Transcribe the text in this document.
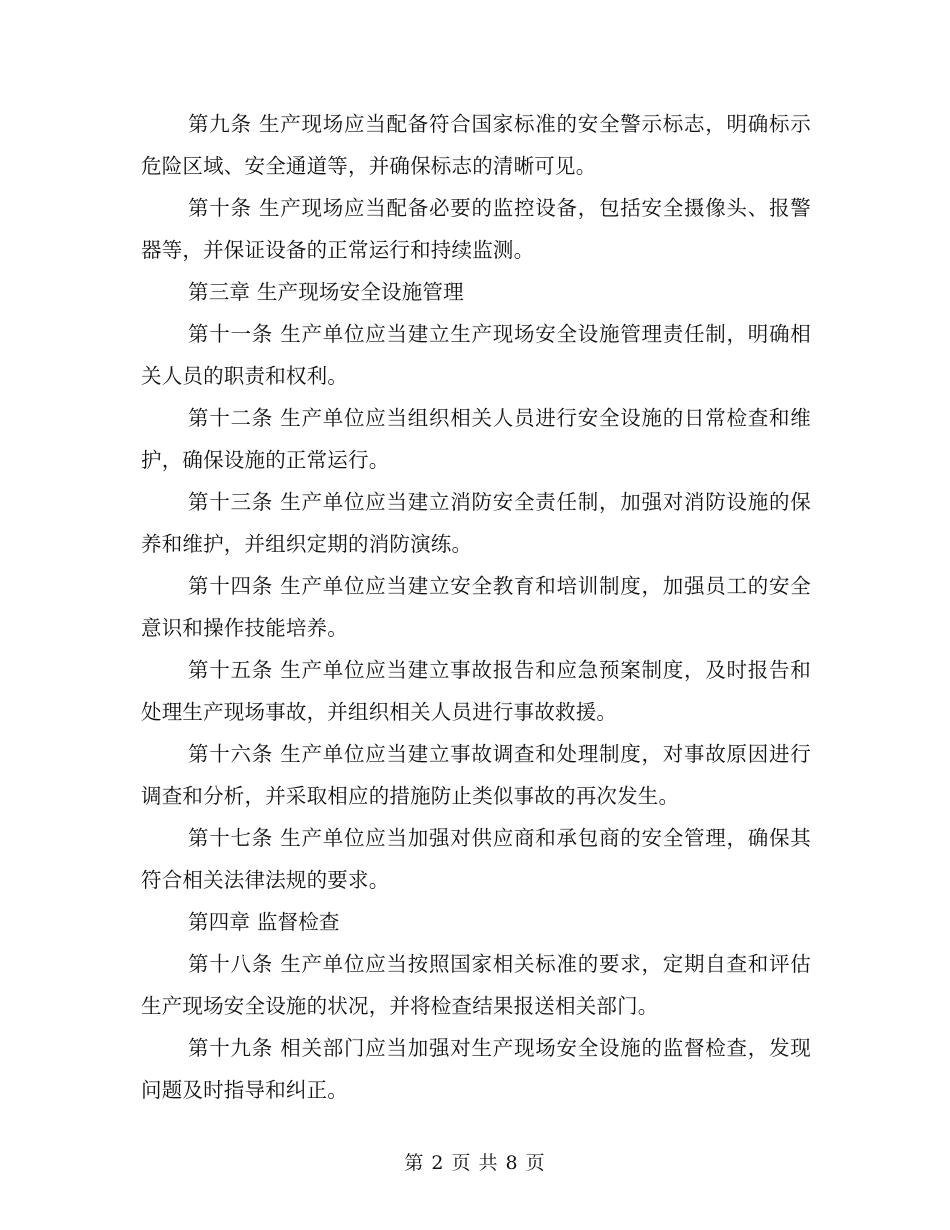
第九条 生产现场应当配备符合国家标准的安全警示标志，明确标示危险区域、安全通道等，并确保标志的清晰可见。

第十条 生产现场应当配备必要的监控设备，包括安全摄像头、报警器等，并保证设备的正常运行和持续监测。

第三章 生产现场安全设施管理

第十一条 生产单位应当建立生产现场安全设施管理责任制，明确相关人员的职责和权利。

第十二条 生产单位应当组织相关人员进行安全设施的日常检查和维护，确保设施的正常运行。

第十三条 生产单位应当建立消防安全责任制，加强对消防设施的保养和维护，并组织定期的消防演练。

第十四条 生产单位应当建立安全教育和培训制度，加强员工的安全意识和操作技能培养。

第十五条 生产单位应当建立事故报告和应急预案制度，及时报告和处理生产现场事故，并组织相关人员进行事故救援。

第十六条 生产单位应当建立事故调查和处理制度，对事故原因进行调查和分析，并采取相应的措施防止类似事故的再次发生。

第十七条 生产单位应当加强对供应商和承包商的安全管理，确保其符合相关法律法规的要求。

第四章 监督检查

第十八条 生产单位应当按照国家相关标准的要求，定期自查和评估生产现场安全设施的状况，并将检查结果报送相关部门。

第十九条 相关部门应当加强对生产现场安全设施的监督检查，发现问题及时指导和纠正。

第 2 页 共 8 页
